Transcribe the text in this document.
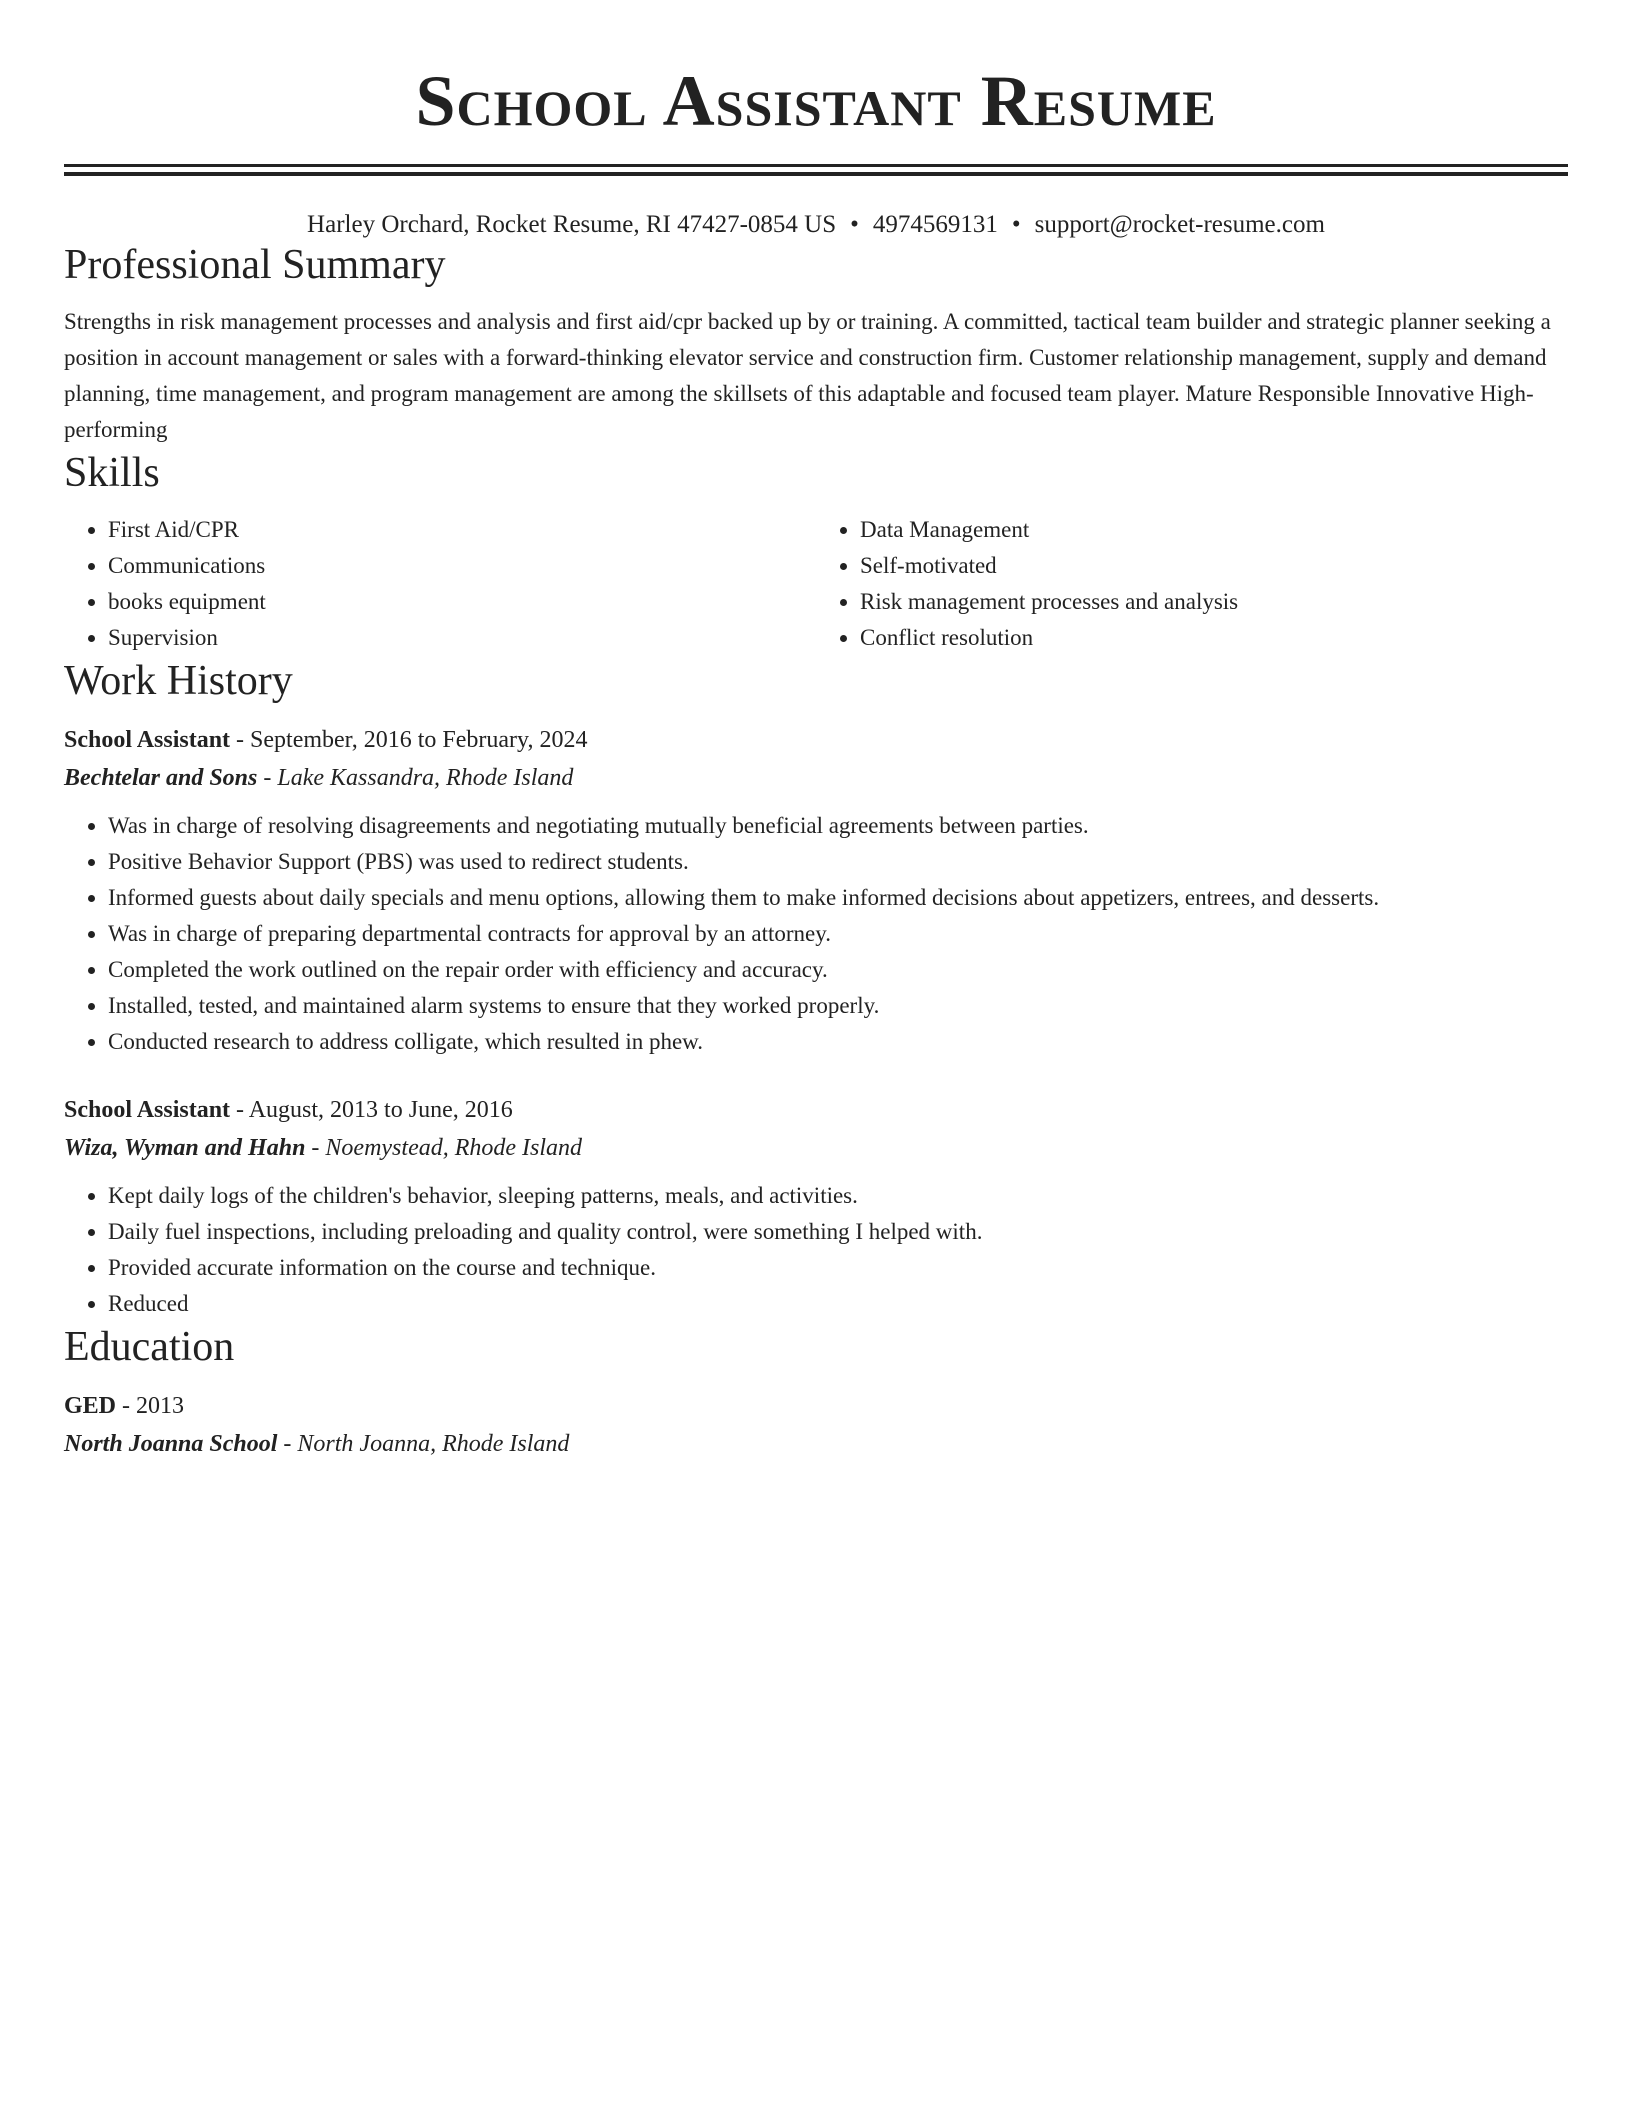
School Assistant Resume
Harley Orchard, Rocket Resume, RI 47427-0854 US • 4974569131 • support@rocket-resume.com
Professional Summary
Strengths in risk management processes and analysis and first aid/cpr backed up by or training. A committed, tactical team builder and strategic planner seeking a position in account management or sales with a forward-thinking elevator service and construction firm. Customer relationship management, supply and demand planning, time management, and program management are among the skillsets of this adaptable and focused team player. Mature Responsible Innovative High-performing
Skills
• First Aid/CPR
• Communications
• books equipment
• Supervision
• Data Management
• Self-motivated
• Risk management processes and analysis
• Conflict resolution
Work History
School Assistant - September, 2016 to February, 2024
Bechtelar and Sons - Lake Kassandra, Rhode Island
• Was in charge of resolving disagreements and negotiating mutually beneficial agreements between parties.
• Positive Behavior Support (PBS) was used to redirect students.
• Informed guests about daily specials and menu options, allowing them to make informed decisions about appetizers, entrees, and desserts.
• Was in charge of preparing departmental contracts for approval by an attorney.
• Completed the work outlined on the repair order with efficiency and accuracy.
• Installed, tested, and maintained alarm systems to ensure that they worked properly.
• Conducted research to address colligate, which resulted in phew.
School Assistant - August, 2013 to June, 2016
Wiza, Wyman and Hahn - Noemystead, Rhode Island
• Kept daily logs of the children's behavior, sleeping patterns, meals, and activities.
• Daily fuel inspections, including preloading and quality control, were something I helped with.
• Provided accurate information on the course and technique.
• Reduced
Education
GED - 2013
North Joanna School - North Joanna, Rhode Island
